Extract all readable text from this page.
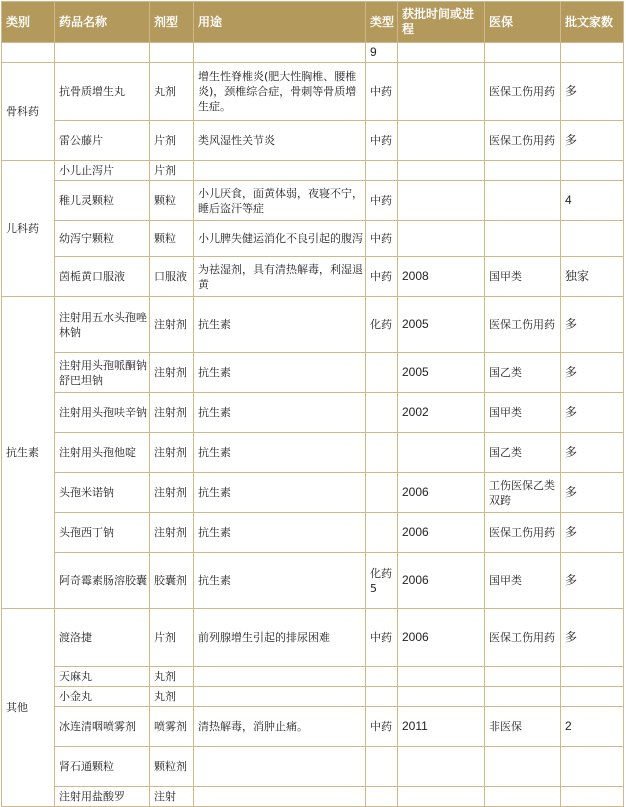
类别	药品名称	剂型	用途	类型	获批时间或进程	医保	批文家数
				9			
骨科药	抗骨质增生丸	丸剂	增生性脊椎炎(肥大性胸椎、腰椎炎)，颈椎综合症，骨刺等骨质增生症。	中药		医保工伤用药	多
	雷公藤片	片剂	类风湿性关节炎	中药		医保工伤用药	多
儿科药	小儿止泻片	片剂					
	稚儿灵颗粒	颗粒	小儿厌食，面黄体弱，夜寝不宁，睡后盗汗等症	中药			4
	幼泻宁颗粒	颗粒	小儿脾失健运消化不良引起的腹泻	中药			
	茵栀黄口服液	口服液	为祛湿剂，具有清热解毒，利湿退黄	中药	2008	国甲类	独家
抗生素	注射用五水头孢唑林钠	注射剂	抗生素	化药	2005	医保工伤用药	多
	注射用头孢哌酮钠舒巴坦钠	注射剂	抗生素		2005	国乙类	多
	注射用头孢呋辛钠	注射剂	抗生素		2002	国甲类	多
	注射用头孢他啶	注射剂	抗生素			国乙类	多
	头孢米诺钠	注射剂	抗生素		2006	工伤医保乙类双跨	多
	头孢西丁钠	注射剂	抗生素		2006	医保工伤用药	多
	阿奇霉素肠溶胶囊	胶囊剂	抗生素	化药5	2006	国甲类	多
其他	渡洛捷	片剂	前列腺增生引起的排尿困难	中药	2006	医保工伤用药	多
	天麻丸	丸剂					
	小金丸	丸剂					
	冰连清咽喷雾剂	喷雾剂	清热解毒，消肿止痛。	中药	2011	非医保	2
	肾石通颗粒	颗粒剂					
	注射用盐酸罗	注射					
